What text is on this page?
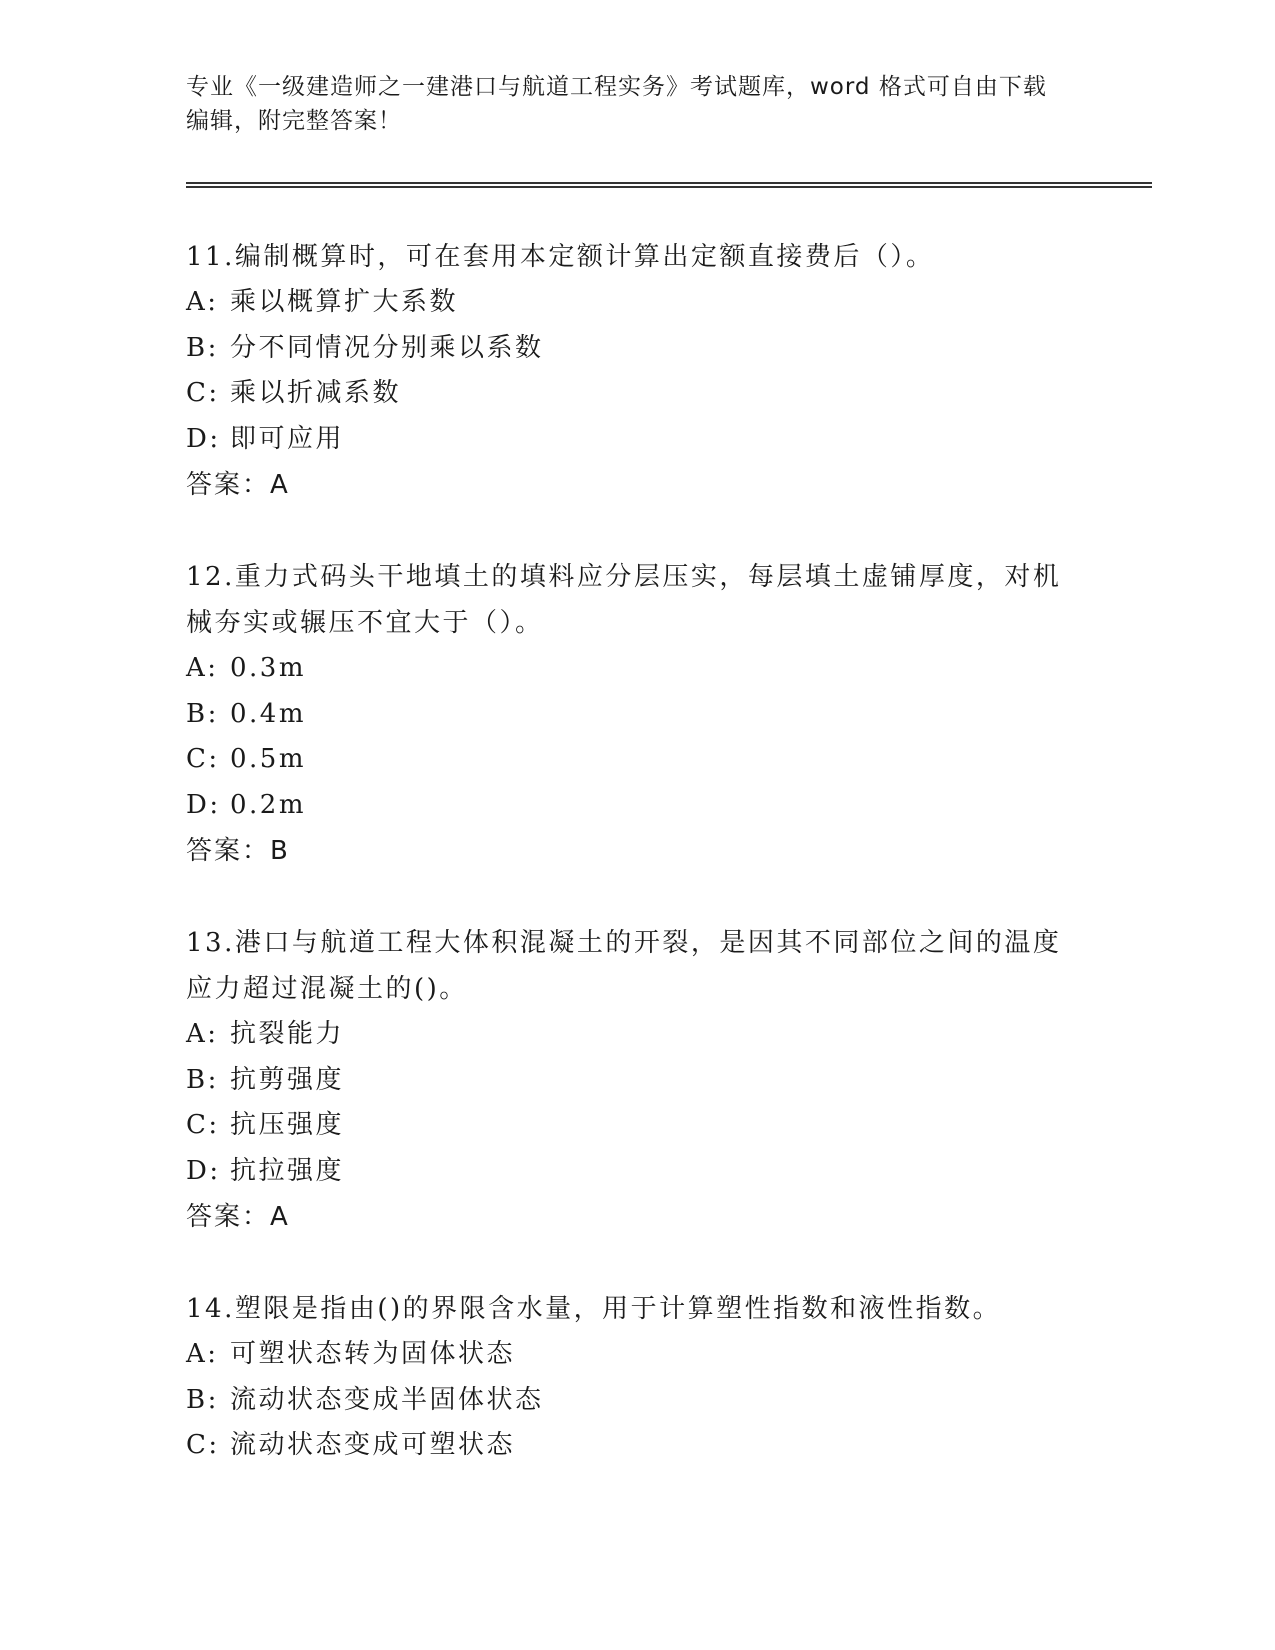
专业《一级建造师之一建港口与航道工程实务》考试题库，word 格式可自由下载

编辑，附完整答案！

11.编制概算时，可在套用本定额计算出定额直接费后（）。

A: 乘以概算扩大系数

B: 分不同情况分别乘以系数

C: 乘以折减系数

D: 即可应用

答案：A

12.重力式码头干地填土的填料应分层压实，每层填土虚铺厚度，对机

械夯实或辗压不宜大于（）。

A: 0.3m

B: 0.4m

C: 0.5m

D: 0.2m

答案：B

13.港口与航道工程大体积混凝土的开裂，是因其不同部位之间的温度

应力超过混凝土的()。

A: 抗裂能力

B: 抗剪强度

C: 抗压强度

D: 抗拉强度

答案：A

14.塑限是指由()的界限含水量，用于计算塑性指数和液性指数。

A: 可塑状态转为固体状态

B: 流动状态变成半固体状态

C: 流动状态变成可塑状态
